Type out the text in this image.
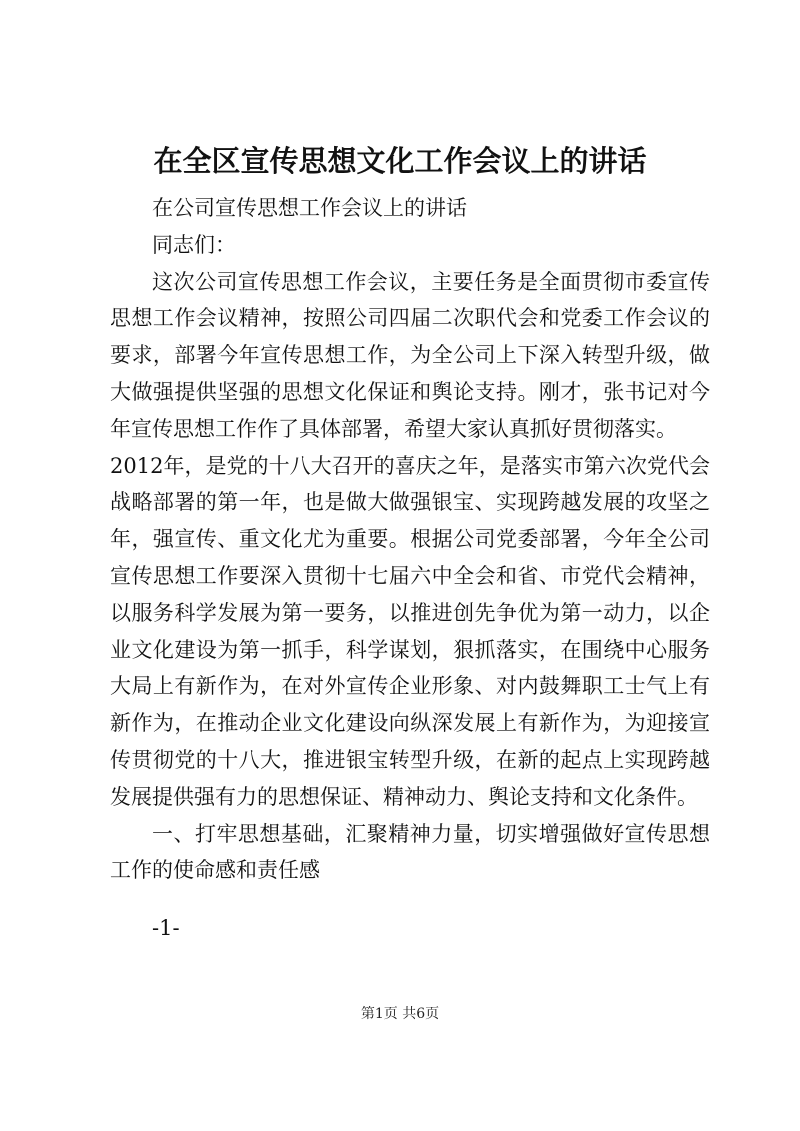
在全区宣传思想文化工作会议上的讲话

在公司宣传思想工作会议上的讲话

同志们：

这次公司宣传思想工作会议，主要任务是全面贯彻市委宣传思想工作会议精神，按照公司四届二次职代会和党委工作会议的要求，部署今年宣传思想工作，为全公司上下深入转型升级，做大做强提供坚强的思想文化保证和舆论支持。刚才，张书记对今年宣传思想工作作了具体部署，希望大家认真抓好贯彻落实。

2012年，是党的十八大召开的喜庆之年，是落实市第六次党代会战略部署的第一年，也是做大做强银宝、实现跨越发展的攻坚之年，强宣传、重文化尤为重要。根据公司党委部署，今年全公司宣传思想工作要深入贯彻十七届六中全会和省、市党代会精神，以服务科学发展为第一要务，以推进创先争优为第一动力，以企业文化建设为第一抓手，科学谋划，狠抓落实，在围绕中心服务大局上有新作为，在对外宣传企业形象、对内鼓舞职工士气上有新作为，在推动企业文化建设向纵深发展上有新作为，为迎接宣传贯彻党的十八大，推进银宝转型升级，在新的起点上实现跨越发展提供强有力的思想保证、精神动力、舆论支持和文化条件。

一、打牢思想基础，汇聚精神力量，切实增强做好宣传思想工作的使命感和责任感

-1-
第1页 共6页
